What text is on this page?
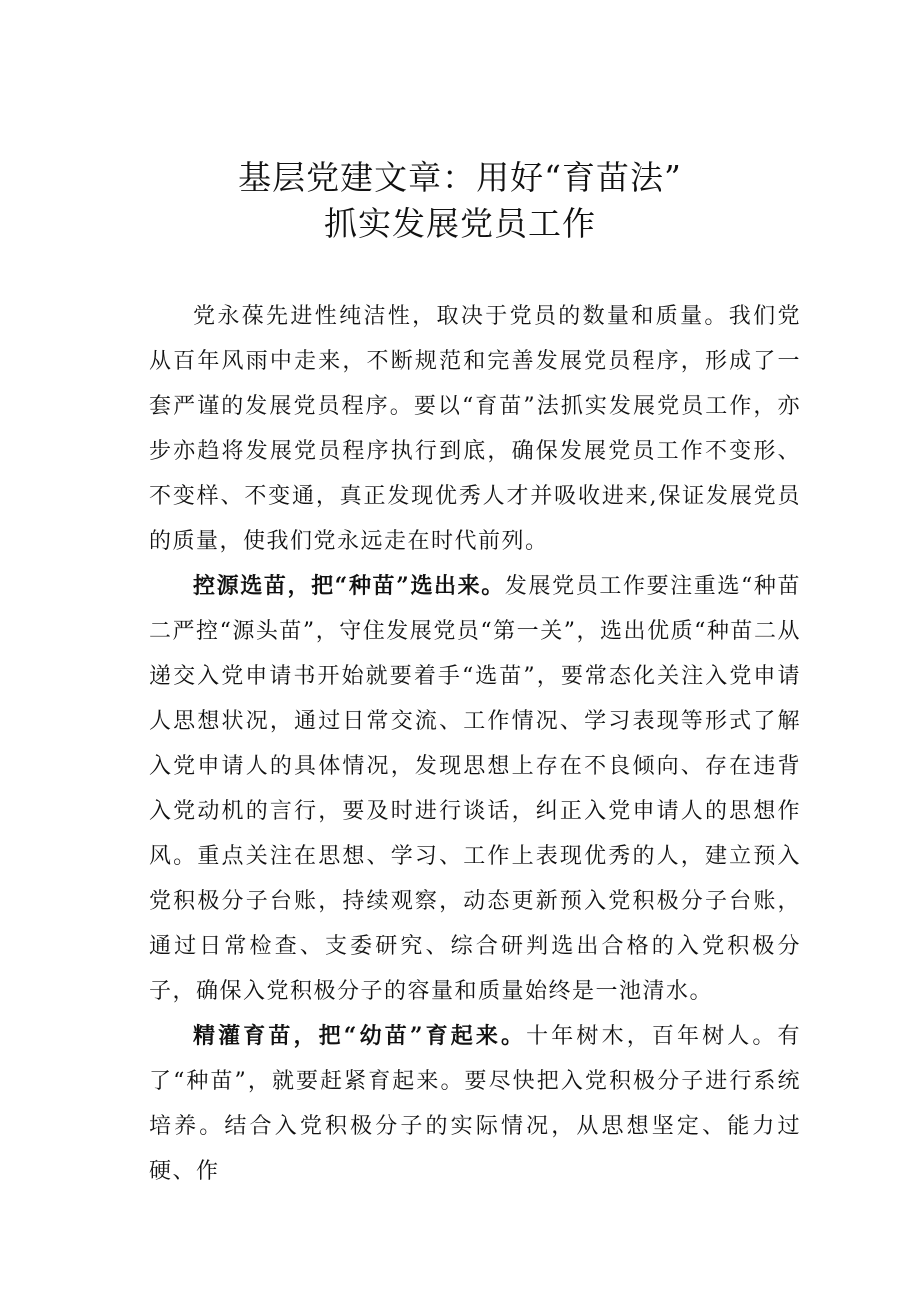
基层党建文章：用好“育苗法”
抓实发展党员工作

党永葆先进性纯洁性，取决于党员的数量和质量。我们党从百年风雨中走来，不断规范和完善发展党员程序，形成了一套严谨的发展党员程序。要以“育苗”法抓实发展党员工作，亦步亦趋将发展党员程序执行到底，确保发展党员工作不变形、不变样、不变通，真正发现优秀人才并吸收进来,保证发展党员的质量，使我们党永远走在时代前列。

控源选苗，把“种苗”选出来。发展党员工作要注重选“种苗二严控“源头苗”，守住发展党员“第一关”，选出优质“种苗二从递交入党申请书开始就要着手“选苗”，要常态化关注入党申请人思想状况，通过日常交流、工作情况、学习表现等形式了解入党申请人的具体情况，发现思想上存在不良倾向、存在违背入党动机的言行，要及时进行谈话，纠正入党申请人的思想作风。重点关注在思想、学习、工作上表现优秀的人，建立预入党积极分子台账，持续观察，动态更新预入党积极分子台账，通过日常检查、支委研究、综合研判选出合格的入党积极分子，确保入党积极分子的容量和质量始终是一池清水。

精灌育苗，把“幼苗”育起来。十年树木，百年树人。有了“种苗”，就要赶紧育起来。要尽快把入党积极分子进行系统培养。结合入党积极分子的实际情况，从思想坚定、能力过硬、作
